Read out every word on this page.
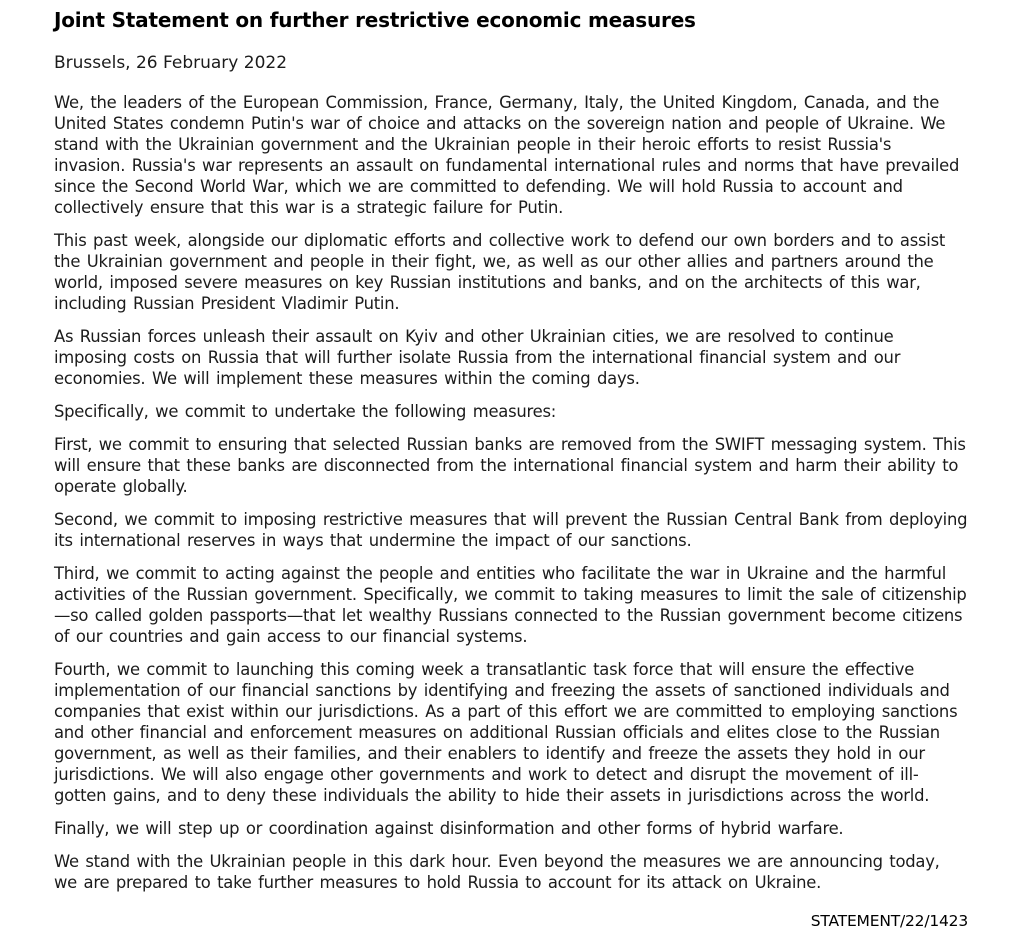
Joint Statement on further restrictive economic measures

Brussels, 26 February 2022

We, the leaders of the European Commission, France, Germany, Italy, the United Kingdom, Canada, and the United States condemn Putin's war of choice and attacks on the sovereign nation and people of Ukraine. We stand with the Ukrainian government and the Ukrainian people in their heroic efforts to resist Russia's invasion. Russia's war represents an assault on fundamental international rules and norms that have prevailed since the Second World War, which we are committed to defending. We will hold Russia to account and collectively ensure that this war is a strategic failure for Putin.

This past week, alongside our diplomatic efforts and collective work to defend our own borders and to assist the Ukrainian government and people in their fight, we, as well as our other allies and partners around the world, imposed severe measures on key Russian institutions and banks, and on the architects of this war, including Russian President Vladimir Putin.

As Russian forces unleash their assault on Kyiv and other Ukrainian cities, we are resolved to continue imposing costs on Russia that will further isolate Russia from the international financial system and our economies. We will implement these measures within the coming days.

Specifically, we commit to undertake the following measures:

First, we commit to ensuring that selected Russian banks are removed from the SWIFT messaging system. This will ensure that these banks are disconnected from the international financial system and harm their ability to operate globally.

Second, we commit to imposing restrictive measures that will prevent the Russian Central Bank from deploying its international reserves in ways that undermine the impact of our sanctions.

Third, we commit to acting against the people and entities who facilitate the war in Ukraine and the harmful activities of the Russian government. Specifically, we commit to taking measures to limit the sale of citizenship—so called golden passports—that let wealthy Russians connected to the Russian government become citizens of our countries and gain access to our financial systems.

Fourth, we commit to launching this coming week a transatlantic task force that will ensure the effective implementation of our financial sanctions by identifying and freezing the assets of sanctioned individuals and companies that exist within our jurisdictions. As a part of this effort we are committed to employing sanctions and other financial and enforcement measures on additional Russian officials and elites close to the Russian government, as well as their families, and their enablers to identify and freeze the assets they hold in our jurisdictions. We will also engage other governments and work to detect and disrupt the movement of ill-gotten gains, and to deny these individuals the ability to hide their assets in jurisdictions across the world.

Finally, we will step up or coordination against disinformation and other forms of hybrid warfare.

We stand with the Ukrainian people in this dark hour. Even beyond the measures we are announcing today, we are prepared to take further measures to hold Russia to account for its attack on Ukraine.

STATEMENT/22/1423
